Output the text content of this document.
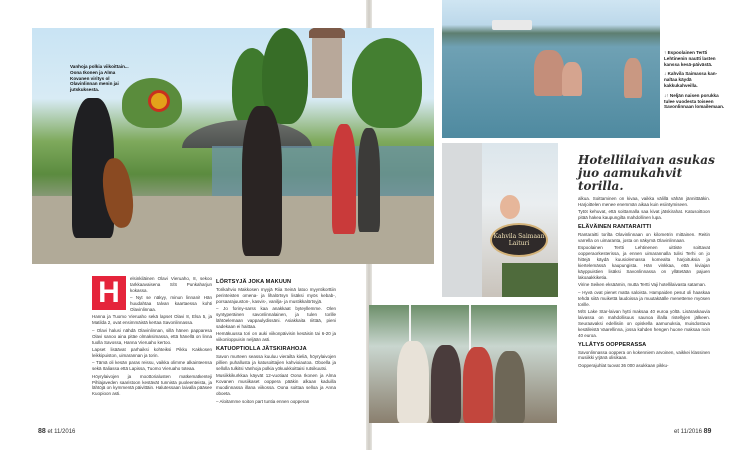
Vanhoja polkia viikoittain... Oona Ikonen ja Alma Kovanen viritys ol Olavinlinnan menin jai jutskuksesta.
Kahvila Saimaan Laituri

↑ Espoolainen Tertti Lehtinenin nautti lasten kanssa kesä-päivästä.

↓ Kahvila Saimassa kan-naltaa käydä kakkukahveilla.

↓↑ Neljän naisen porukka tulee vuodesta toiseen Savonlinnaan lomailemaan.

Hotellilaivan asukas juo aamukahvit torilla.
H	elsinkiläinen Olavi Vieruaho, 8, sekoo tarkkaavaisena S/S Punkaharjun kokassa.

– Nyt se näkyy, minun linnani! Hän huudahtaa talvan kaartaessa kohti Olavinlinnaa.

Hanna ja Tuomo Vieruaho sekä lapset Olavi 8, Elsa 5, ja Matilda 2, ovat ensimmäistä kertaa Savonlinnassa.

– Olavi halusi nähdä Olavinlinnan, sillä hänen papparesa Olavi sanoo aina pitäe olmaksimassa, että hänellä on linna tuolla Savossa, Hanna Vieruaho kertoo.

Lapset lisäävat parhaiksi kohteiksi Pikku Kakkosen leikkipuiston, uimarannan ja torin.

– Tämä oli kesän paras reissu, vaikka olimme alkainteensa sekä Italiassa että Lapissa, Tuomo Vieruaho toteaa.

Höyrylaivojen ja moottorialusten matkematkenteji Pihlajaveden saaristoon kestävät tunnista puoleenteista, ja lähtöjä on kymmentä päivittäin. Halutessaan laivalla pääsee Kuopioon asti.

LÖRTSYJÄ JOKA MAKUUN

Torikahvio Makkosen myyjä Riia Seinä latoo myyntikorttiin perinteisten omena- ja lihalörtsyn lisäksi myös kebab-, porsaarajuuston-, kasvis-, vanilja- ja mustikkalörtsyjä.

– Jo foriny-sarss kaa anakkaat byteyllemme. Olen syntyperäinen savonlinnalainen, ja tulen torille lähtöelemaan vappaulydissäni. Asiakkaita riittää, pieni sadekaan ei haittaa.

Hemäkuussa tori on auki viikonpäivisin kesäisin tai 6-20 ja viikonloppuisin neljään asti.

KATUOPTIOLLA JÄTSKIRAHOJA

Savon murteen seassa kuuluu vierailta kieliä, höyrylaivojen pillien puhallusta ja katusoittajien kahvioiautoa. Oboella ja sellolla tulkitsi Vanhoja polkia yökuukkoittaisi rutsikuutsi.

Musiikkikurkkaa käyvät 12-vuotiaat Oona Ikonen ja Alma Kovanen musiikaset ooppera pääkin alkaan kaduilla muodinnassa illana viikossa. Oona soittaa selloa ja Anna oboeta.

– Aloitamme soiton part tuntia ennen oopperan

alkua. Soittaminen on kivaa, vaikka välillä vähän jännittääkin. Harjoittelen menee enemmän aikaa kuin esiintymiseen.

Tytöt kehuvat, että soittamalla saa kivat jätskirahat. Katusoittoon pitää hakea kaupungilta mahdollinen lupa.

ELÄVÄINEN RANTARAITTI

Rantaraitti torilta Olavinlinnaan on kilometrin mittainen. Reitin varrella on uimaranta, josta on näkymä Olavinlinnaan.

Espoolainen Tertti Lehtinenen uittiste soittavat oopperaorkesterissa, ja ennen uimarannalla tulisi Terhi on jo hittejä käydä kuusiolemassa komealta harjoituksia ja kiertelemässä kaupungista. Hän vinkkaa, että kiviajan käyppuistien lisäksi Savonlinnassa on yllätetään pajuen lakoaakkiketia.

Virine Seiken eksäämin, mutta Tertti Vaji hotellilaivasta sataman.

– Hyvä ovat pienet matta saloista. Hampaiden pesut oli haaskaa tehdä siitä muikettä laudoissa ja muutakäälle menetteme myösen torille.

M/S Lake Star-laivan hytti maksaa 40 euroa yöltä. Lisäraskauvia laivassa on mahdollisuus saunoa illalla ristellyjen jälkeen. Seuraavaksi edellisiin on opiskella aamunuksia, muisdostuva kesälleistä Vaarellinna, jossa kahden hengen huone maksaa noin 40 euroa.

YLLÄTYS OOPPERASSA

Savonlinnassa ooppera on kokenniem arvoinen, vaikkei klassinen musiikki yrjänä olisikaan.

Oopperajuhlat tuovat 36 000 asukkaan pikku-

88 et 11/2016	et 11/2016 89
